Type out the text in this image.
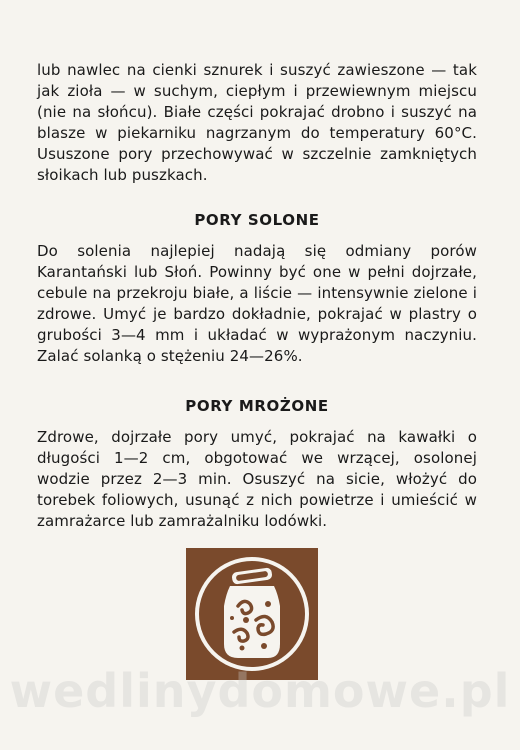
lub nawlec na cienki sznurek i suszyć zawieszone — tak jak zioła — w suchym, ciepłym i przewiewnym miejscu (nie na słońcu). Białe części pokrajać drobno i suszyć na blasze w piekarniku nagrzanym do temperatury 60°C. Ususzone pory przechowywać w szczelnie zamkniętych słoikach lub puszkach.

PORY SOLONE

Do solenia najlepiej nadają się odmiany porów Karantański lub Słoń. Powinny być one w pełni dojrzałe, cebule na przekroju białe, a liście — intensywnie zielone i zdrowe. Umyć je bardzo dokładnie, pokrajać w plastry o grubości 3—4 mm i układać w wyprażonym naczyniu. Zalać solanką o stężeniu 24—26%.

PORY MROŻONE

Zdrowe, dojrzałe pory umyć, pokrajać na kawałki o długości 1—2 cm, obgotować we wrzącej, osolonej wodzie przez 2—3 min. Osuszyć na sicie, włożyć do torebek foliowych, usunąć z nich powietrze i umieścić w zamrażarce lub zamrażalniku lodówki.

wedlinydomowe.pl
